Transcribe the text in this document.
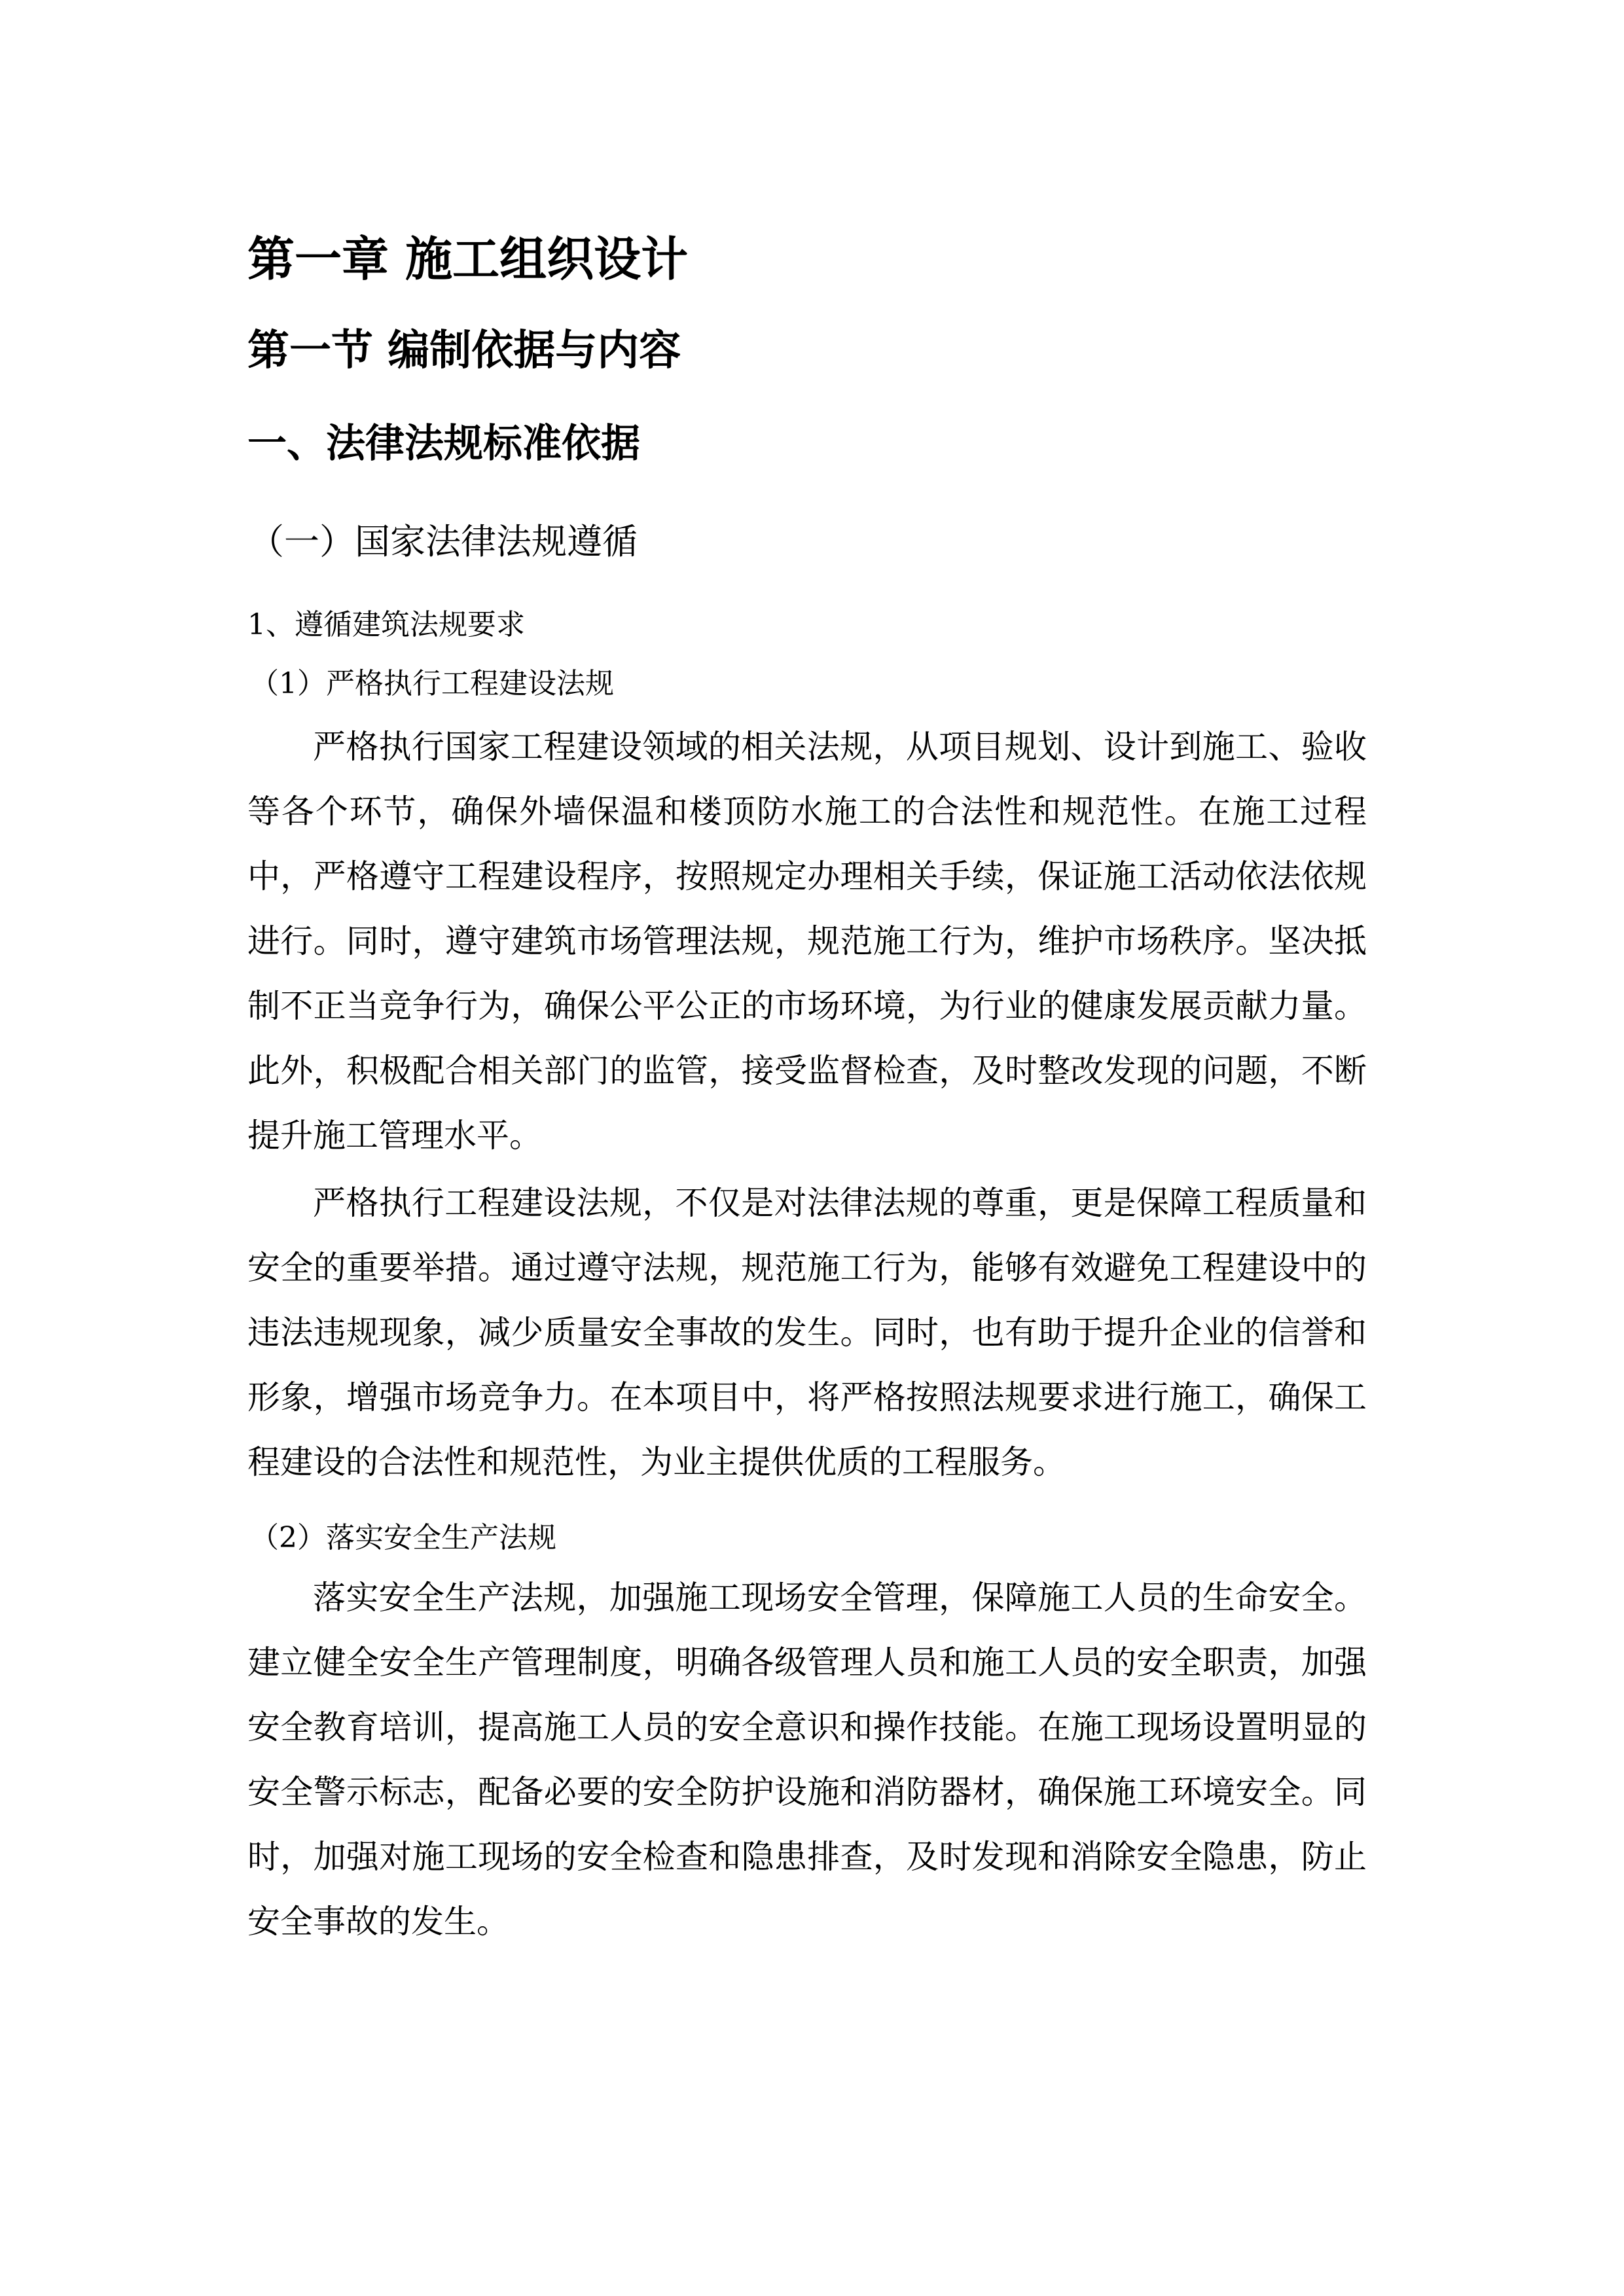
第一章 施工组织设计
第一节 编制依据与内容
一、法律法规标准依据
（一）国家法律法规遵循
1、遵循建筑法规要求
（1）严格执行工程建设法规
严格执行国家工程建设领域的相关法规，从项目规划、设计到施工、验收
等各个环节，确保外墙保温和楼顶防水施工的合法性和规范性。在施工过程
中，严格遵守工程建设程序，按照规定办理相关手续，保证施工活动依法依规
进行。同时，遵守建筑市场管理法规，规范施工行为，维护市场秩序。坚决抵
制不正当竞争行为，确保公平公正的市场环境，为行业的健康发展贡献力量。
此外，积极配合相关部门的监管，接受监督检查，及时整改发现的问题，不断
提升施工管理水平。
严格执行工程建设法规，不仅是对法律法规的尊重，更是保障工程质量和
安全的重要举措。通过遵守法规，规范施工行为，能够有效避免工程建设中的
违法违规现象，减少质量安全事故的发生。同时，也有助于提升企业的信誉和
形象，增强市场竞争力。在本项目中，将严格按照法规要求进行施工，确保工
程建设的合法性和规范性，为业主提供优质的工程服务。
（2）落实安全生产法规
落实安全生产法规，加强施工现场安全管理，保障施工人员的生命安全。
建立健全安全生产管理制度，明确各级管理人员和施工人员的安全职责，加强
安全教育培训，提高施工人员的安全意识和操作技能。在施工现场设置明显的
安全警示标志，配备必要的安全防护设施和消防器材，确保施工环境安全。同
时，加强对施工现场的安全检查和隐患排查，及时发现和消除安全隐患，防止
安全事故的发生。
